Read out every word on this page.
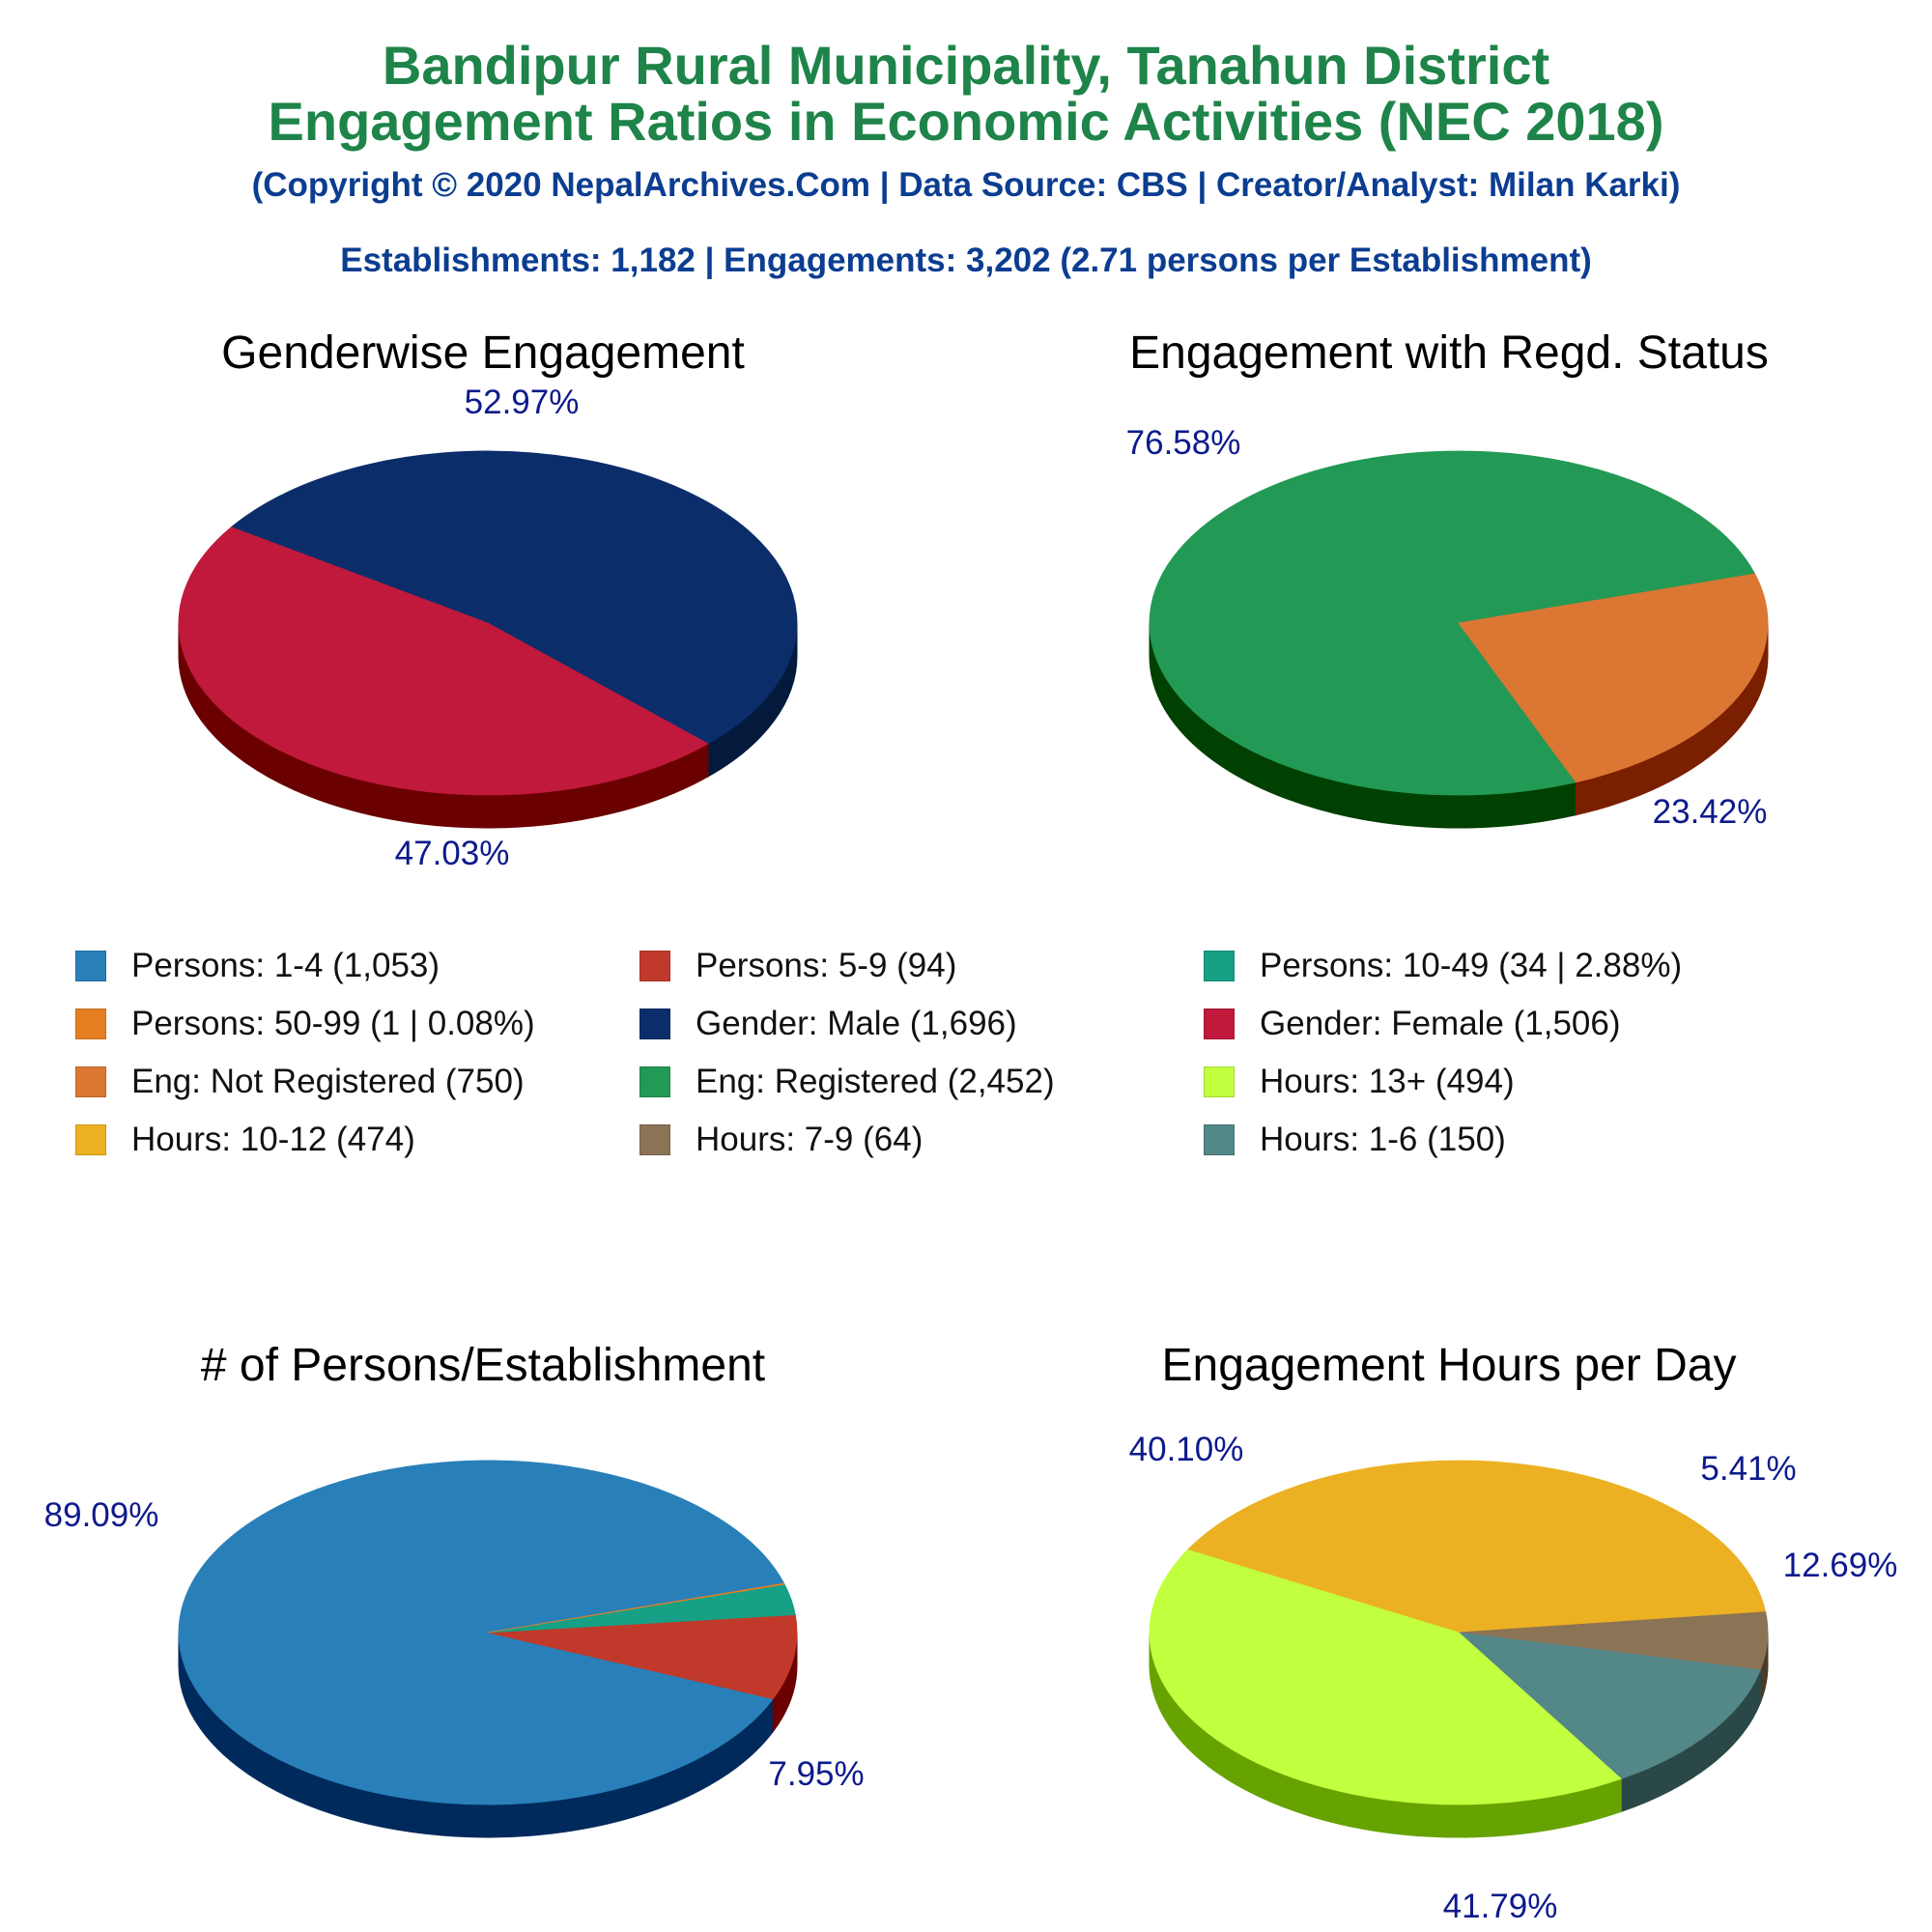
Bandipur Rural Municipality, Tanahun District
Engagement Ratios in Economic Activities (NEC 2018)
(Copyright © 2020 NepalArchives.Com | Data Source: CBS | Creator/Analyst: Milan Karki)
Establishments: 1,182 | Engagements: 3,202 (2.71 persons per Establishment)
Genderwise Engagement	Engagement with Regd. Status
# of Persons/Establishment	Engagement Hours per Day
Persons: 1-4 (1,053)	Persons: 5-9 (94)	Persons: 10-49 (34 | 2.88%)
Persons: 50-99 (1 | 0.08%)	Gender: Male (1,696)	Gender: Female (1,506)
Eng: Not Registered (750)	Eng: Registered (2,452)	Hours: 13+ (494)
Hours: 10-12 (474)	Hours: 7-9 (64)	Hours: 1-6 (150)
52.97%
47.03%
76.58%
23.42%
89.09%
7.95%
40.10%
5.41%
12.69%
41.79%
